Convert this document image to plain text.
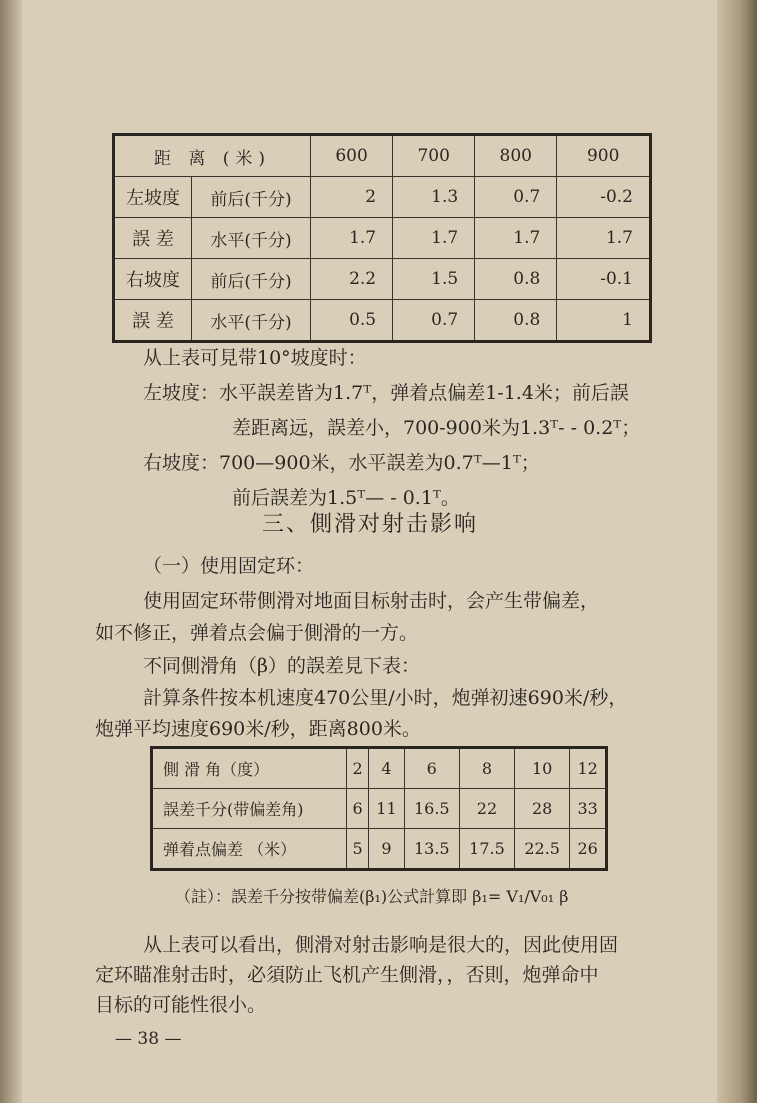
距 离 (米)		600	700	800	900
左坡度	前后(千分)	2	1.3	0.7	-0.2
誤 差	水平(千分)	1.7	1.7	1.7	1.7
右坡度	前后(千分)	2.2	1.5	0.8	-0.1
誤 差	水平(千分)	0.5	0.7	0.8	1
从上表可見带10°坡度时：
左坡度：水平誤差皆为1.7ᵀ，弹着点偏差1-1.4米；前后誤
差距离远，誤差小，700-900米为1.3ᵀ- - 0.2ᵀ；
右坡度：700—900米，水平誤差为0.7ᵀ—1ᵀ；
前后誤差为1.5ᵀ— - 0.1ᵀ。
三、側滑对射击影响
（一）使用固定环：
使用固定环带側滑对地面目标射击时，会产生带偏差，
如不修正，弹着点会偏于側滑的一方。
不同側滑角（β）的誤差見下表：
計算条件按本机速度470公里/小时，炮弹初速690米/秒，
炮弹平均速度690米/秒，距离800米。
側 滑 角（度）	2	4	6	8	10	12
誤差千分(带偏差角)	6	11	16.5	22	28	33
弹着点偏差 （米）	5	9	13.5	17.5	22.5	26
（註）：誤差千分按带偏差(β₁)公式計算即 β₁= V₁/V₀₁ β
从上表可以看出，側滑对射击影响是很大的，因此使用固
定环瞄准射击时，必須防止飞机产生側滑，，否則，炮弹命中
目标的可能性很小。
— 38 —
